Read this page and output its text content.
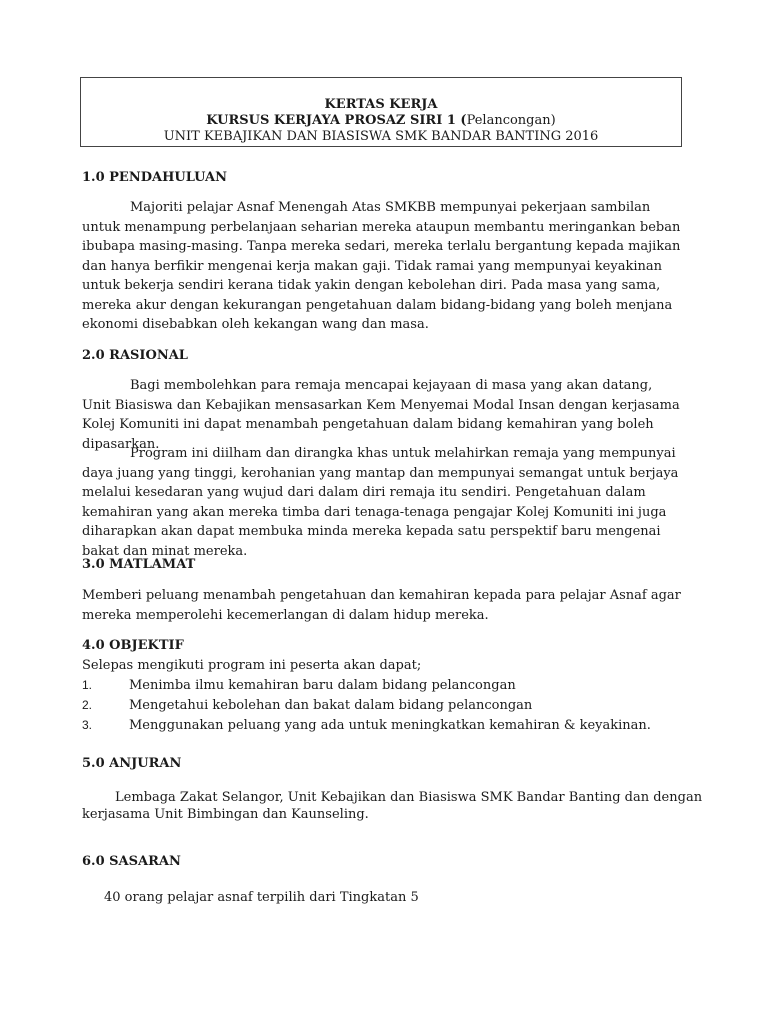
KERTAS KERJA
KURSUS KERJAYA PROSAZ SIRI 1 (Pelancongan)
UNIT KEBAJIKAN DAN BIASISWA SMK BANDAR BANTING 2016
1.0 PENDAHULUAN

Majoriti pelajar Asnaf Menengah Atas SMKBB mempunyai pekerjaan sambilan untuk menampung perbelanjaan seharian mereka ataupun membantu meringankan beban ibubapa masing-masing. Tanpa mereka sedari, mereka terlalu bergantung kepada majikan dan hanya berfikir mengenai kerja makan gaji. Tidak ramai yang mempunyai keyakinan untuk bekerja sendiri kerana tidak yakin dengan kebolehan diri. Pada masa yang sama, mereka akur dengan kekurangan pengetahuan dalam bidang-bidang yang boleh menjana ekonomi disebabkan oleh kekangan wang dan masa.

2.0 RASIONAL

Bagi membolehkan para remaja mencapai kejayaan di masa yang akan datang, Unit Biasiswa dan Kebajikan mensasarkan Kem Menyemai Modal Insan dengan kerjasama Kolej Komuniti ini dapat menambah pengetahuan dalam bidang kemahiran yang boleh dipasarkan.

Program ini diilham dan dirangka khas untuk melahirkan remaja yang mempunyai daya juang yang tinggi, kerohanian yang mantap dan mempunyai semangat untuk berjaya melalui kesedaran yang wujud dari dalam diri remaja itu sendiri. Pengetahuan dalam kemahiran yang akan mereka timba dari tenaga-tenaga pengajar Kolej Komuniti ini juga diharapkan akan dapat membuka minda mereka kepada satu perspektif baru mengenai bakat dan minat mereka.

3.0 MATLAMAT

Memberi peluang menambah pengetahuan dan kemahiran kepada para pelajar Asnaf agar mereka memperolehi kecemerlangan di dalam hidup mereka.

4.0 OBJEKTIF
Selepas mengikuti program ini peserta akan dapat;
1.	Menimba ilmu kemahiran baru dalam bidang pelancongan
2.	Mengetahui kebolehan dan bakat dalam bidang pelancongan
3.	Menggunakan peluang yang ada untuk meningkatkan kemahiran & keyakinan.
5.0 ANJURAN
Lembaga Zakat Selangor, Unit Kebajikan dan Biasiswa SMK Bandar Banting dan dengan
kerjasama Unit Bimbingan dan Kaunseling.
6.0 SASARAN
40 orang pelajar asnaf terpilih dari Tingkatan 5
